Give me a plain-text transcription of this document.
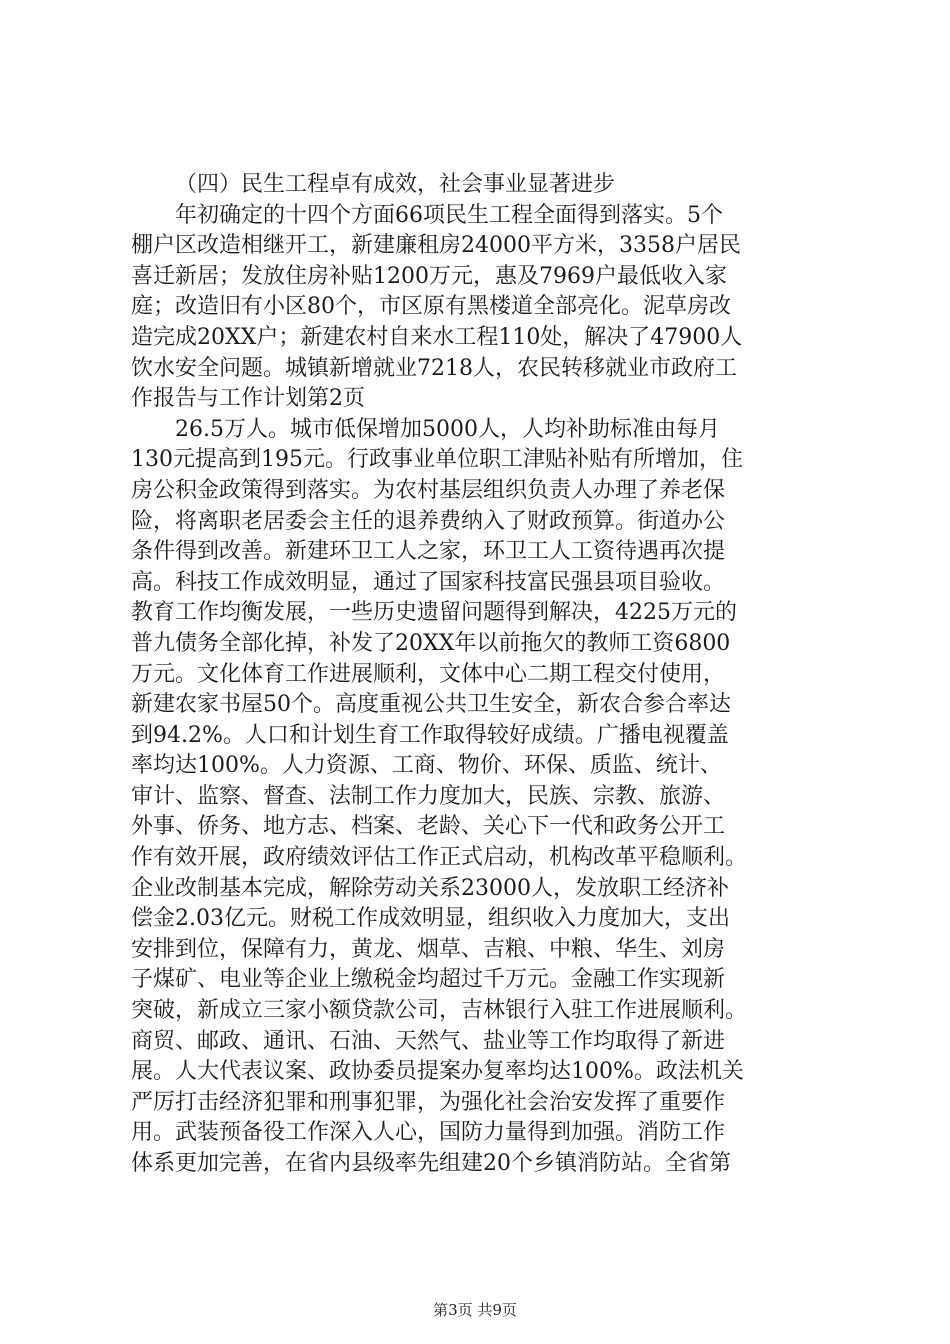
（四）民生工程卓有成效，社会事业显著进步
年初确定的十四个方面66项民生工程全面得到落实。5个
棚户区改造相继开工，新建廉租房24000平方米，3358户居民
喜迁新居；发放住房补贴1200万元，惠及7969户最低收入家
庭；改造旧有小区80个，市区原有黑楼道全部亮化。泥草房改
造完成20XX户；新建农村自来水工程110处，解决了47900人
饮水安全问题。城镇新增就业7218人，农民转移就业市政府工
作报告与工作计划第2页
26.5万人。城市低保增加5000人，人均补助标准由每月
130元提高到195元。行政事业单位职工津贴补贴有所增加，住
房公积金政策得到落实。为农村基层组织负责人办理了养老保
险，将离职老居委会主任的退养费纳入了财政预算。街道办公
条件得到改善。新建环卫工人之家，环卫工人工资待遇再次提
高。科技工作成效明显，通过了国家科技富民强县项目验收。
教育工作均衡发展，一些历史遗留问题得到解决，4225万元的
普九债务全部化掉，补发了20XX年以前拖欠的教师工资6800
万元。文化体育工作进展顺利，文体中心二期工程交付使用，
新建农家书屋50个。高度重视公共卫生安全，新农合参合率达
到94.2%。人口和计划生育工作取得较好成绩。广播电视覆盖
率均达100%。人力资源、工商、物价、环保、质监、统计、
审计、监察、督查、法制工作力度加大，民族、宗教、旅游、
外事、侨务、地方志、档案、老龄、关心下一代和政务公开工
作有效开展，政府绩效评估工作正式启动，机构改革平稳顺利。
企业改制基本完成，解除劳动关系23000人，发放职工经济补
偿金2.03亿元。财税工作成效明显，组织收入力度加大，支出
安排到位，保障有力，黄龙、烟草、吉粮、中粮、华生、刘房
子煤矿、电业等企业上缴税金均超过千万元。金融工作实现新
突破，新成立三家小额贷款公司，吉林银行入驻工作进展顺利。
商贸、邮政、通讯、石油、天然气、盐业等工作均取得了新进
展。人大代表议案、政协委员提案办复率均达100%。政法机关
严厉打击经济犯罪和刑事犯罪，为强化社会治安发挥了重要作
用。武装预备役工作深入人心，国防力量得到加强。消防工作
体系更加完善，在省内县级率先组建20个乡镇消防站。全省第
第3页 共9页
